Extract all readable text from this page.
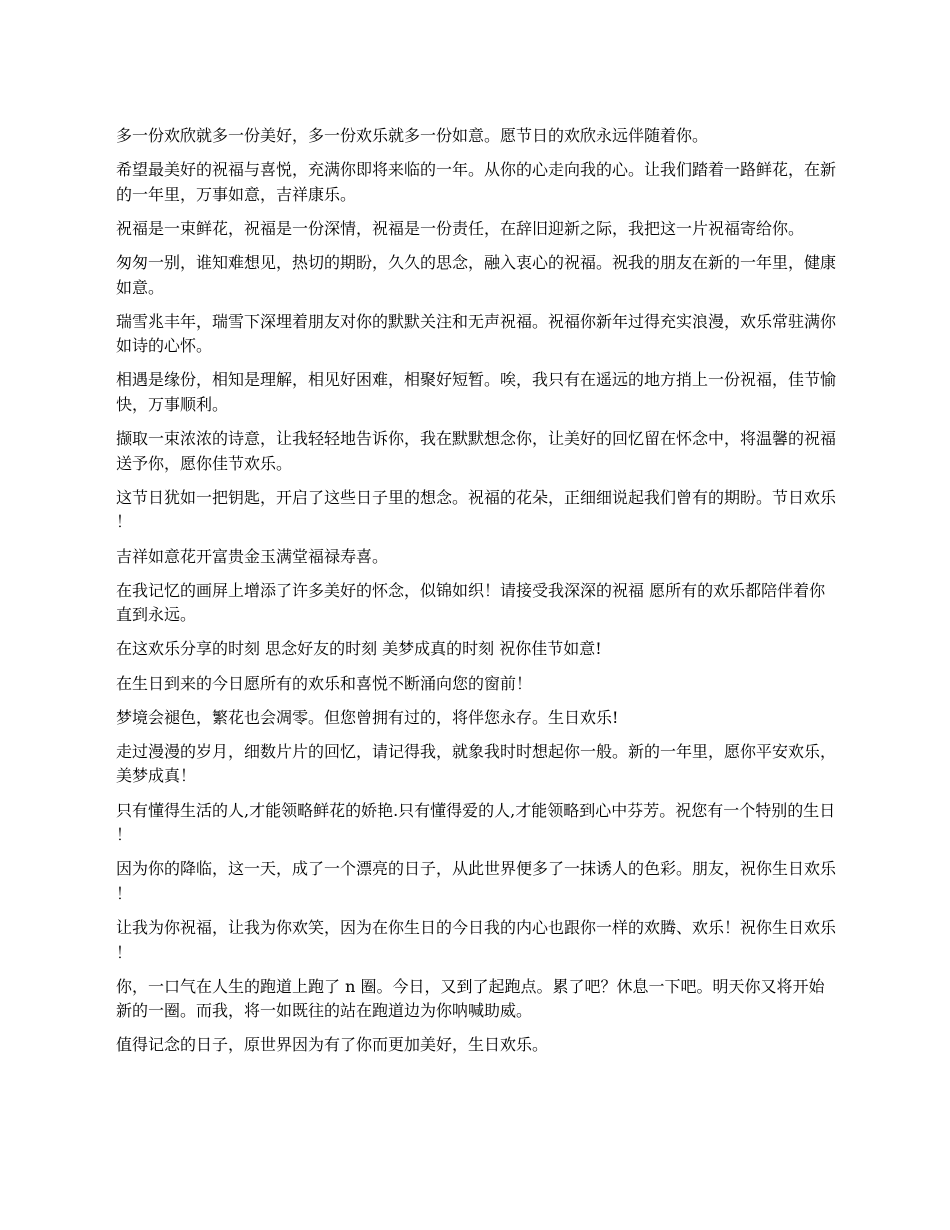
多一份欢欣就多一份美好，多一份欢乐就多一份如意。愿节日的欢欣永远伴随着你。

希望最美好的祝福与喜悦，充满你即将来临的一年。从你的心走向我的心。让我们踏着一路鲜花，在新的一年里，万事如意，吉祥康乐。

祝福是一束鲜花，祝福是一份深情，祝福是一份责任，在辞旧迎新之际，我把这一片祝福寄给你。

匆匆一别，谁知难想见，热切的期盼，久久的思念，融入衷心的祝福。祝我的朋友在新的一年里，健康如意。

瑞雪兆丰年，瑞雪下深埋着朋友对你的默默关注和无声祝福。祝福你新年过得充实浪漫，欢乐常驻满你如诗的心怀。

相遇是缘份，相知是理解，相见好困难，相聚好短暂。唉，我只有在遥远的地方捎上一份祝福，佳节愉快，万事顺利。

撷取一束浓浓的诗意，让我轻轻地告诉你，我在默默想念你，让美好的回忆留在怀念中，将温馨的祝福送予你，愿你佳节欢乐。

这节日犹如一把钥匙，开启了这些日子里的想念。祝福的花朵，正细细说起我们曾有的期盼。节日欢乐！

吉祥如意花开富贵金玉满堂福禄寿喜。

在我记忆的画屏上增添了许多美好的怀念，似锦如织！请接受我深深的祝福 愿所有的欢乐都陪伴着你直到永远。

在这欢乐分享的时刻 思念好友的时刻 美梦成真的时刻 祝你佳节如意!

在生日到来的今日愿所有的欢乐和喜悦不断涌向您的窗前！

梦境会褪色，繁花也会凋零。但您曾拥有过的，将伴您永存。生日欢乐!

走过漫漫的岁月，细数片片的回忆，请记得我，就象我时时想起你一般。新的一年里，愿你平安欢乐，美梦成真！

只有懂得生活的人,才能领略鲜花的娇艳.只有懂得爱的人,才能领略到心中芬芳。祝您有一个特别的生日！

因为你的降临，这一天，成了一个漂亮的日子，从此世界便多了一抹诱人的色彩。朋友，祝你生日欢乐！

让我为你祝福，让我为你欢笑，因为在你生日的今日我的内心也跟你一样的欢腾、欢乐！祝你生日欢乐！

你，一口气在人生的跑道上跑了 n 圈。今日，又到了起跑点。累了吧？休息一下吧。明天你又将开始新的一圈。而我，将一如既往的站在跑道边为你呐喊助威。

值得记念的日子，原世界因为有了你而更加美好，生日欢乐。
